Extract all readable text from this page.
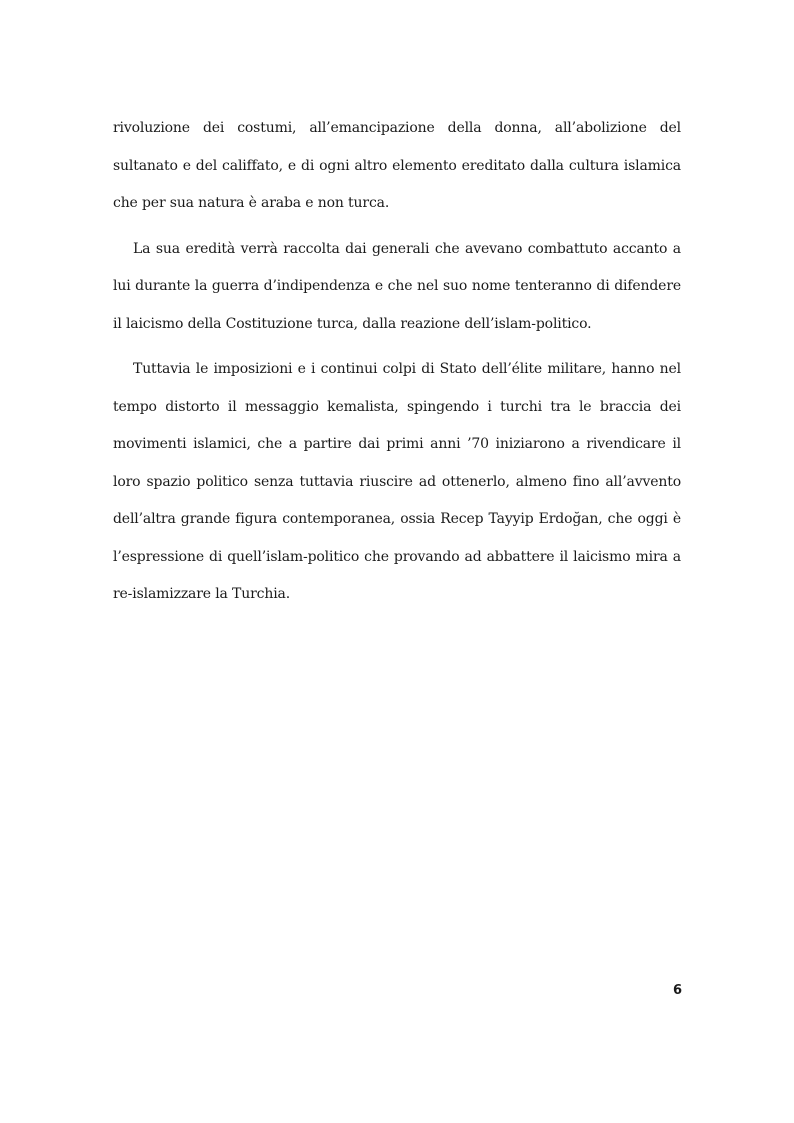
rivoluzione dei costumi, all’emancipazione della donna, all’abolizione del sultanato e del califfato, e di ogni altro elemento ereditato dalla cultura islamica che per sua natura è araba e non turca.

La sua eredità verrà raccolta dai generali che avevano combattuto accanto a lui durante la guerra d’indipendenza e che nel suo nome tenteranno di difendere il laicismo della Costituzione turca, dalla reazione dell’islam-politico.

Tuttavia le imposizioni e i continui colpi di Stato dell’élite militare, hanno nel tempo distorto il messaggio kemalista, spingendo i turchi tra le braccia dei movimenti islamici, che a partire dai primi anni ’70 iniziarono a rivendicare il loro spazio politico senza tuttavia riuscire ad ottenerlo, almeno fino all’avvento dell’altra grande figura contemporanea, ossia Recep Tayyip Erdoğan, che oggi è l’espressione di quell’islam-politico che provando ad abbattere il laicismo mira a re-islamizzare la Turchia.

6
